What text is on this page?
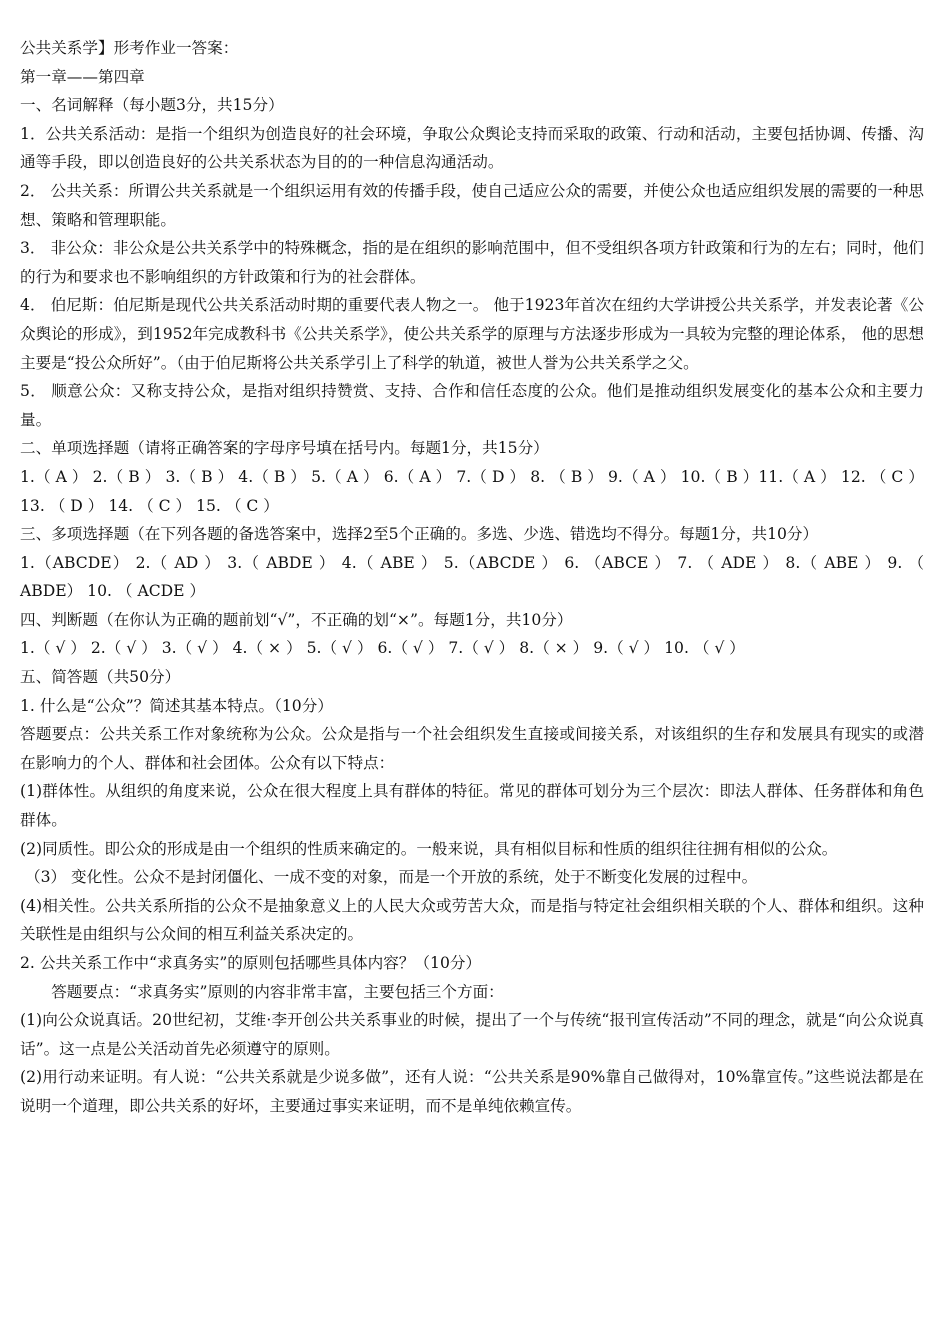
公共关系学】形考作业一答案：

第一章——第四章

一、名词解释（每小题3分，共15分）

1．公共关系活动：是指一个组织为创造良好的社会环境，争取公众舆论支持而采取的政策、行动和活动，主要包括协调、传播、沟通等手段，即以创造良好的公共关系状态为目的的一种信息沟通活动。

2． 公共关系：所谓公共关系就是一个组织运用有效的传播手段，使自己适应公众的需要，并使公众也适应组织发展的需要的一种思想、策略和管理职能。

3． 非公众：非公众是公共关系学中的特殊概念，指的是在组织的影响范围中，但不受组织各项方针政策和行为的左右；同时，他们的行为和要求也不影响组织的方针政策和行为的社会群体。

4． 伯尼斯：伯尼斯是现代公共关系活动时期的重要代表人物之一。 他于1923年首次在纽约大学讲授公共关系学，并发表论著《公众舆论的形成》，到1952年完成教科书《公共关系学》，使公共关系学的原理与方法逐步形成为一具较为完整的理论体系， 他的思想主要是“投公众所好”。（由于伯尼斯将公共关系学引上了科学的轨道，被世人誉为公共关系学之父。

5． 顺意公众：又称支持公众，是指对组织持赞赏、支持、合作和信任态度的公众。他们是推动组织发展变化的基本公众和主要力量。

二、单项选择题（请将正确答案的字母序号填在括号内。每题1分，共15分）

1.（ A ） 2.（ B ） 3.（ B ） 4.（ B ） 5.（ A ） 6.（ A ） 7.（ D ） 8. （ B ） 9.（ A ） 10.（ B ）11.（ A ） 12. （ C ） 13. （ D ） 14. （ C ） 15. （ C ）

三、多项选择题（在下列各题的备选答案中，选择2至5个正确的。多选、少选、错选均不得分。每题1分，共10分）

1.（ABCDE） 2.（ AD ） 3.（ ABDE ） 4.（ ABE ） 5.（ABCDE ） 6. （ABCE ） 7. （ ADE ） 8.（ ABE ） 9. （ ABDE） 10. （ ACDE ）

四、判断题（在你认为正确的题前划“√”，不正确的划“×”。每题1分，共10分）

1.（ √ ） 2.（ √ ） 3.（ √ ） 4.（ × ） 5.（ √ ） 6.（ √ ） 7.（ √ ） 8.（ × ） 9.（ √ ） 10. （ √ ）

五、简答题（共50分）

1. 什么是“公众”？简述其基本特点。（10分）

答题要点：公共关系工作对象统称为公众。公众是指与一个社会组织发生直接或间接关系，对该组织的生存和发展具有现实的或潜在影响力的个人、群体和社会团体。公众有以下特点：

(1)群体性。从组织的角度来说，公众在很大程度上具有群体的特征。常见的群体可划分为三个层次：即法人群体、任务群体和角色群体。

(2)同质性。即公众的形成是由一个组织的性质来确定的。一般来说，具有相似目标和性质的组织往往拥有相似的公众。

（3） 变化性。公众不是封闭僵化、一成不变的对象，而是一个开放的系统，处于不断变化发展的过程中。

(4)相关性。公共关系所指的公众不是抽象意义上的人民大众或劳苦大众，而是指与特定社会组织相关联的个人、群体和组织。这种关联性是由组织与公众间的相互利益关系决定的。

2. 公共关系工作中“求真务实”的原则包括哪些具体内容？（10分）

答题要点：“求真务实”原则的内容非常丰富，主要包括三个方面：

(1)向公众说真话。20世纪初，艾维·李开创公共关系事业的时候，提出了一个与传统“报刊宣传活动”不同的理念，就是“向公众说真话”。这一点是公关活动首先必须遵守的原则。

(2)用行动来证明。有人说：“公共关系就是少说多做”，还有人说：“公共关系是90%靠自己做得对，10%靠宣传。”这些说法都是在说明一个道理，即公共关系的好坏，主要通过事实来证明，而不是单纯依赖宣传。
